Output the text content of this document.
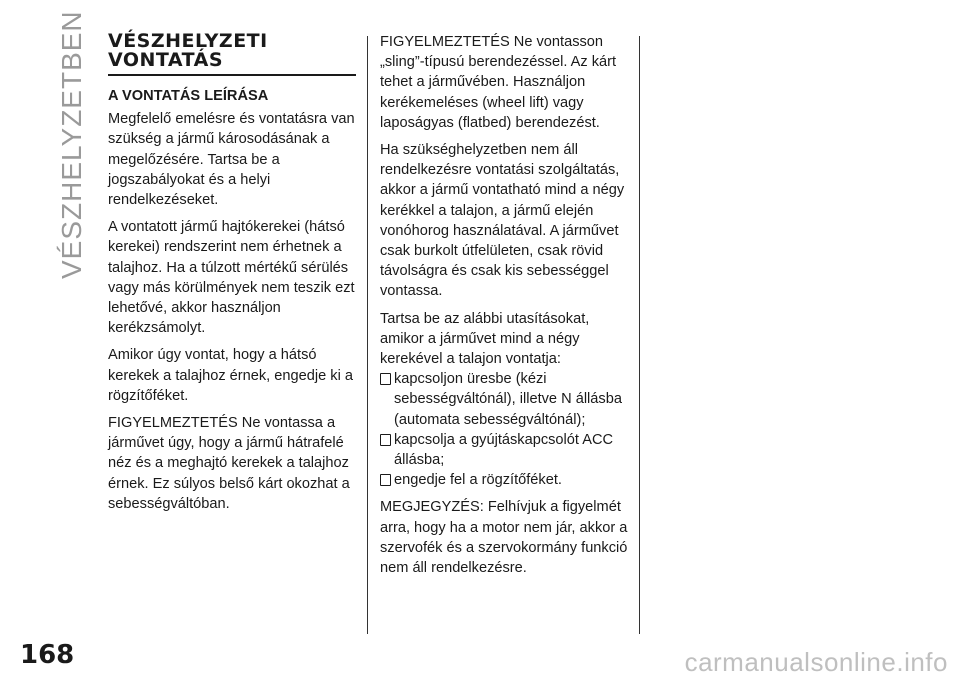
VÉSZHELYZETBEN VÉSZHELYZETI
VONTATÁS
A VONTATÁS LEÍRÁSA

Megfelelő emelésre és vontatásra van szükség a jármű károsodásának a megelőzésére. Tartsa be a jogszabályokat és a helyi rendelkezéseket.

A vontatott jármű hajtókerekei (hátsó kerekei) rendszerint nem érhetnek a talajhoz. Ha a túlzott mértékű sérülés vagy más körülmények nem teszik ezt lehetővé, akkor használjon kerékzsámolyt.

Amikor úgy vontat, hogy a hátsó kerekek a talajhoz érnek, engedje ki a rögzítőféket.

FIGYELMEZTETÉS Ne vontassa a járművet úgy, hogy a jármű hátrafelé néz és a meghajtó kerekek a talajhoz érnek. Ez súlyos belső kárt okozhat a sebességváltóban.

FIGYELMEZTETÉS Ne vontasson „sling”-típusú berendezéssel. Az kárt tehet a járművében. Használjon kerékemeléses (wheel lift) vagy laposágyas (flatbed) berendezést.

Ha szükséghelyzetben nem áll rendelkezésre vontatási szolgáltatás, akkor a jármű vontatható mind a négy kerékkel a talajon, a jármű elején vonóhorog használatával. A járművet csak burkolt útfelületen, csak rövid távolságra és csak kis sebességgel vontassa.

Tartsa be az alábbi utasításokat, amikor a járművet mind a négy kerekével a talajon vontatja:

kapcsoljon üresbe (kézi sebességváltónál), illetve N állásba (automata sebességváltónál);
kapcsolja a gyújtáskapcsolót ACC állásba;
engedje fel a rögzítőféket.

MEGJEGYZÉS: Felhívjuk a figyelmét arra, hogy ha a motor nem jár, akkor a szervofék és a szervokormány funkció nem áll rendelkezésre.

168	carmanualsonline.info
